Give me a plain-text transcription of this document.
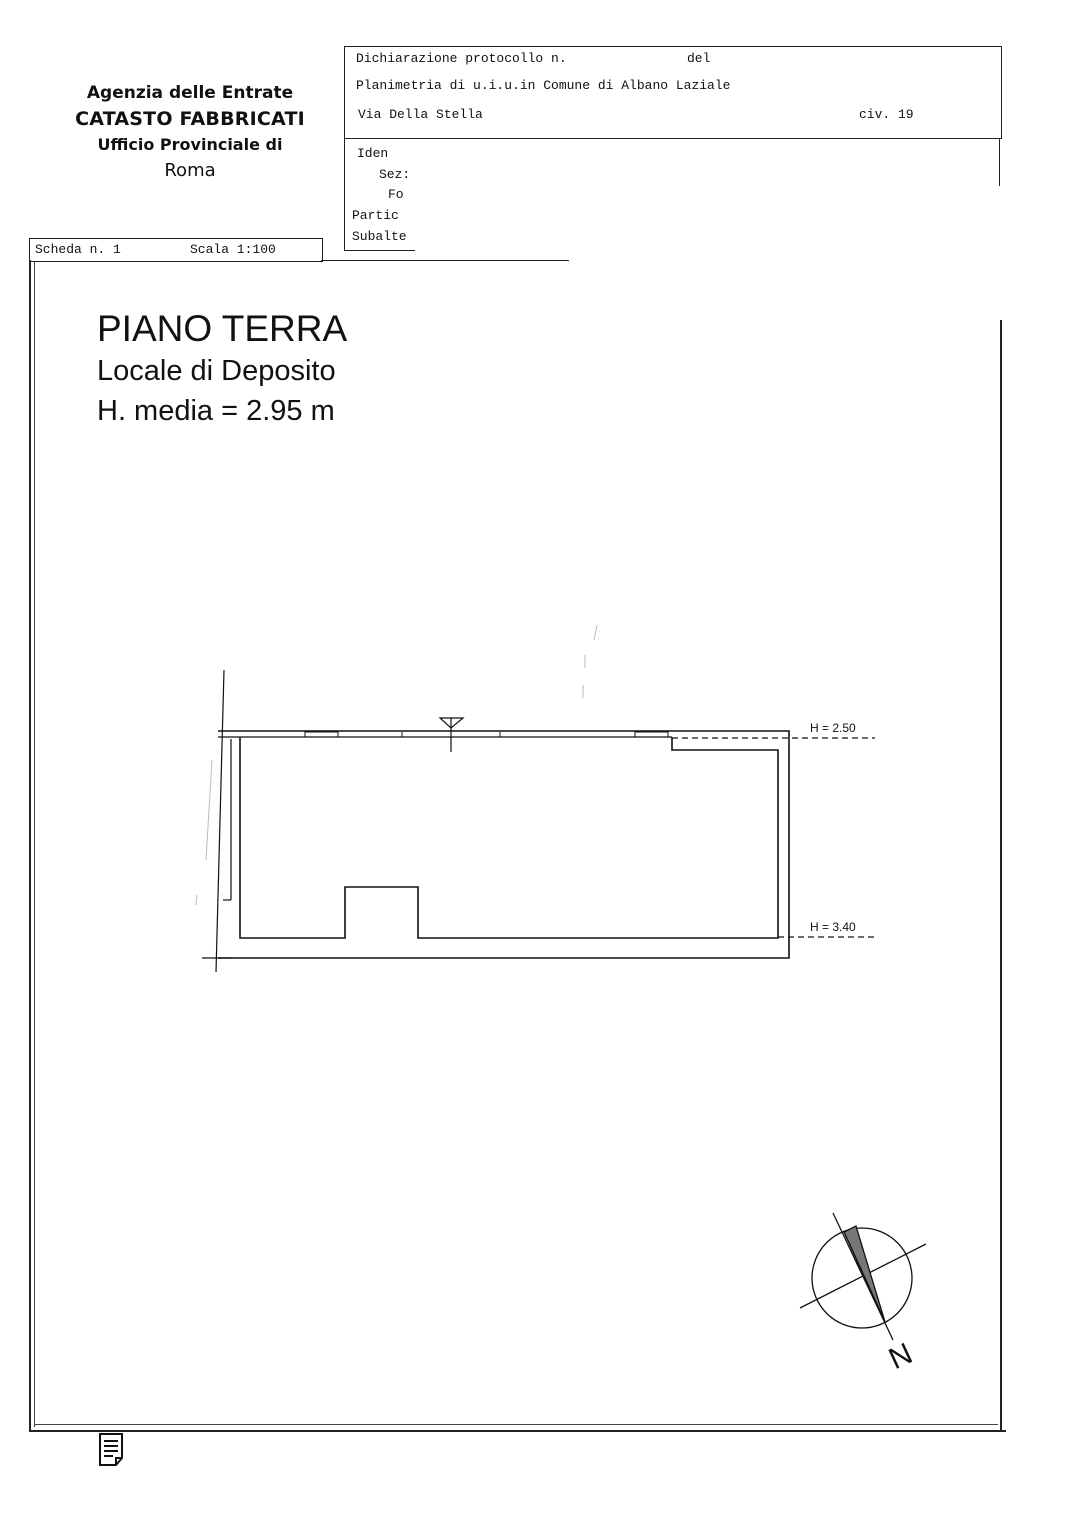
Agenzia delle Entrate
CATASTO FABBRICATI
Ufficio Provinciale di
Roma
Dichiarazione protocollo n.	del
Planimetria di u.i.u.in Comune di Albano Laziale
Via Della Stella	civ. 19
Iden
Sez:
Fo
Partic
Subalte
Scheda n. 1	Scala 1:100
PIANO TERRA
Locale di Deposito
H. media = 2.95 m
H = 2.50
H = 3.40
N
